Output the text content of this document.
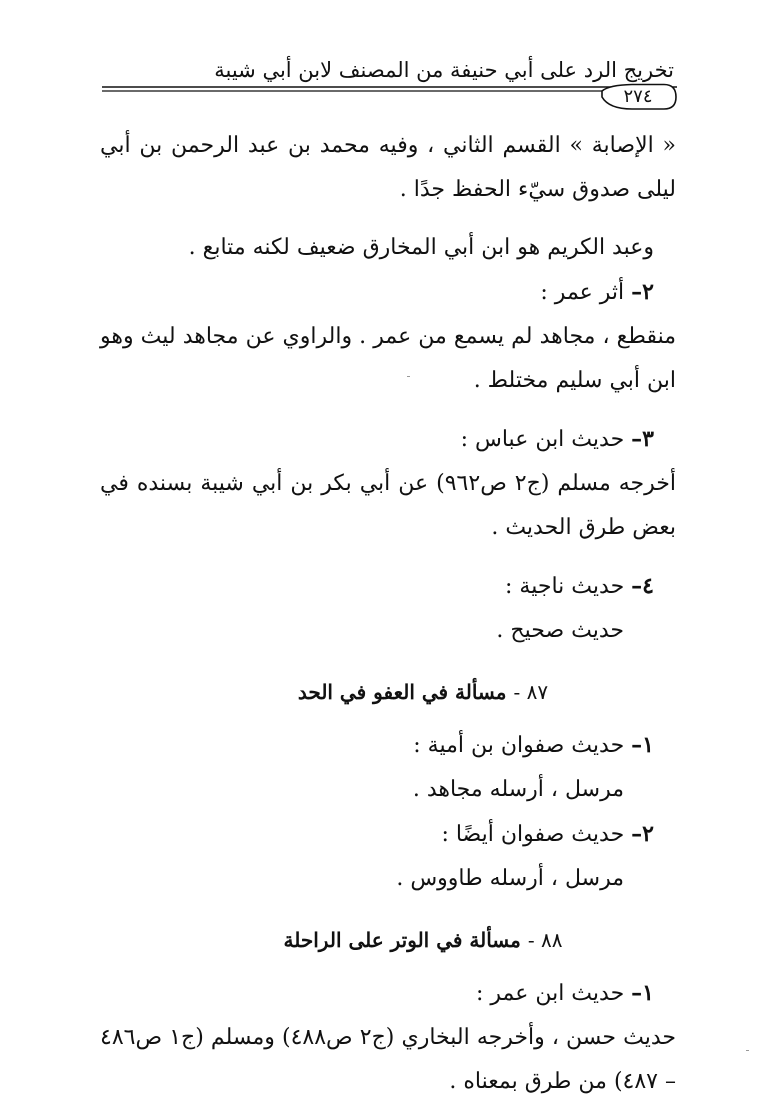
تخريج الرد على أبي حنيفة من المصنف لابن أبي شيبة
٢٧٤

« الإصابة » القسم الثاني ، وفيه محمد بن عبد الرحمن بن أبي ليلى صدوق سيّء الحفظ جدًا .

وعبد الكريم هو ابن أبي المخارق ضعيف لكنه متابع .

٢– أثر عمر :

منقطع ، مجاهد لم يسمع من عمر . والراوي عن مجاهد ليث وهو ابن أبي سليم مختلط .

٣– حديث ابن عباس :

أخرجه مسلم (ج٢ ص٩٦٢) عن أبي بكر بن أبي شيبة بسنده في بعض طرق الحديث .

٤– حديث ناجية :

حديث صحيح .

٨٧ - مسألة في العفو في الحد

١– حديث صفوان بن أمية :

مرسل ، أرسله مجاهد .

٢– حديث صفوان أيضًا :

مرسل ، أرسله طاووس .

٨٨ - مسألة في الوتر على الراحلة

١– حديث ابن عمر :

حديث حسن ، وأخرجه البخاري (ج٢ ص٤٨٨) ومسلم (ج١ ص٤٨٦ – ٤٨٧) من طرق بمعناه .
